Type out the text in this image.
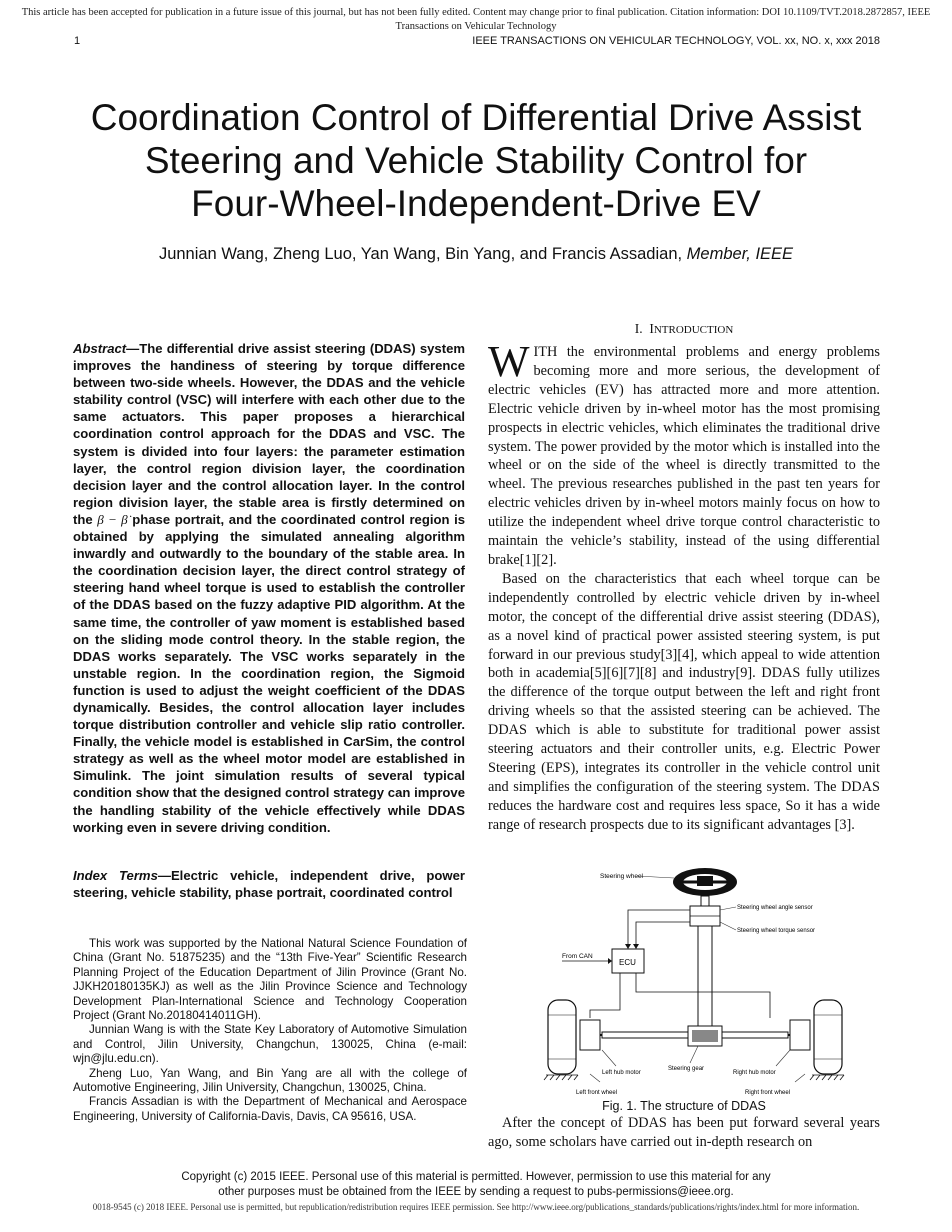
This article has been accepted for publication in a future issue of this journal, but has not been fully edited. Content may change prior to final publication. Citation information: DOI 10.1109/TVT.2018.2872857, IEEE
Transactions on Vehicular Technology
1	IEEE TRANSACTIONS ON VEHICULAR TECHNOLOGY, VOL. xx, NO. x, xxx 2018
Coordination Control of Differential Drive Assist
Steering and Vehicle Stability Control for
Four-Wheel-Independent-Drive EV
Junnian Wang, Zheng Luo, Yan Wang, Bin Yang, and Francis Assadian, Member, IEEE
Abstract—The differential drive assist steering (DDAS) system improves the handiness of steering by torque difference between two-side wheels. However, the DDAS and the vehicle stability control (VSC) will interfere with each other due to the same actuators. This paper proposes a hierarchical coordination control approach for the DDAS and VSC. The system is divided into four layers: the parameter estimation layer, the control region division layer, the coordination decision layer and the control allocation layer. In the control region division layer, the stable area is firstly determined on the β − β̇ phase portrait, and the coordinated control region is obtained by applying the simulated annealing algorithm inwardly and outwardly to the boundary of the stable area. In the coordination decision layer, the direct control strategy of steering hand wheel torque is used to establish the controller of the DDAS based on the fuzzy adaptive PID algorithm. At the same time, the controller of yaw moment is established based on the sliding mode control theory. In the stable region, the DDAS works separately. The VSC works separately in the unstable region. In the coordination region, the Sigmoid function is used to adjust the weight coefficient of the DDAS dynamically. Besides, the control allocation layer includes torque distribution controller and vehicle slip ratio controller. Finally, the vehicle model is established in CarSim, the control strategy as well as the wheel motor model are established in Simulink. The joint simulation results of several typical condition show that the designed control strategy can improve the handling stability of the vehicle effectively while DDAS working even in severe driving condition.
Index Terms—Electric vehicle, independent drive, power steering, vehicle stability, phase portrait, coordinated control

This work was supported by the National Natural Science Foundation of China (Grant No. 51875235) and the “13th Five-Year” Scientific Research Planning Project of the Education Department of Jilin Province (Grant No. JJKH20180135KJ) as well as the Jilin Province Science and Technology Development Plan-International Science and Technology Cooperation Project (Grant No.20180414011GH).

Junnian Wang is with the State Key Laboratory of Automotive Simulation and Control, Jilin University, Changchun, 130025, China (e-mail: wjn@jlu.edu.cn).

Zheng Luo, Yan Wang, and Bin Yang are all with the college of Automotive Engineering, Jilin University, Changchun, 130025, China.

Francis Assadian is with the Department of Mechanical and Aerospace Engineering, University of California-Davis, Davis, CA 95616, USA.

I. INTRODUCTION

WITH the environmental problems and energy problems becoming more and more serious, the development of electric vehicles (EV) has attracted more and more attention. Electric vehicle driven by in-wheel motor has the most promising prospects in electric vehicles, which eliminates the traditional drive system. The power provided by the motor which is installed into the wheel or on the side of the wheel is directly transmitted to the wheel. The previous researches published in the past ten years for electric vehicles driven by in-wheel motors mainly focus on how to utilize the independent wheel drive torque control characteristic to maintain the vehicle’s stability, instead of the using differential brake[1][2].

Based on the characteristics that each wheel torque can be independently controlled by electric vehicle driven by in-wheel motor, the concept of the differential drive assist steering (DDAS), as a novel kind of practical power assisted steering system, is put forward in our previous study[3][4], which appeal to wide attention both in academia[5][6][7][8] and industry[9]. DDAS fully utilizes the difference of the torque output between the left and right front driving wheels so that the assisted steering can be achieved. The DDAS which is able to substitute for traditional power assist steering actuators and their controller units, e.g. Electric Power Steering (EPS), integrates its controller in the vehicle control unit and simplifies the configuration of the steering system. The DDAS reduces the hardware cost and requires less space, So it has a wide range of research prospects due to its significant advantages [3].

Steering wheel
Steering wheel angle sensor
Steering wheel torque sensor
ECU
From CAN
Steering gear
Left hub motor	Right hub motor
Left front wheel	Right front wheel
Fig. 1. The structure of DDAS
After the concept of DDAS has been put forward several years ago, some scholars have carried out in-depth research on
Copyright (c) 2015 IEEE. Personal use of this material is permitted. However, permission to use this material for any
other purposes must be obtained from the IEEE by sending a request to pubs-permissions@ieee.org.
0018-9545 (c) 2018 IEEE. Personal use is permitted, but republication/redistribution requires IEEE permission. See http://www.ieee.org/publications_standards/publications/rights/index.html for more information.
